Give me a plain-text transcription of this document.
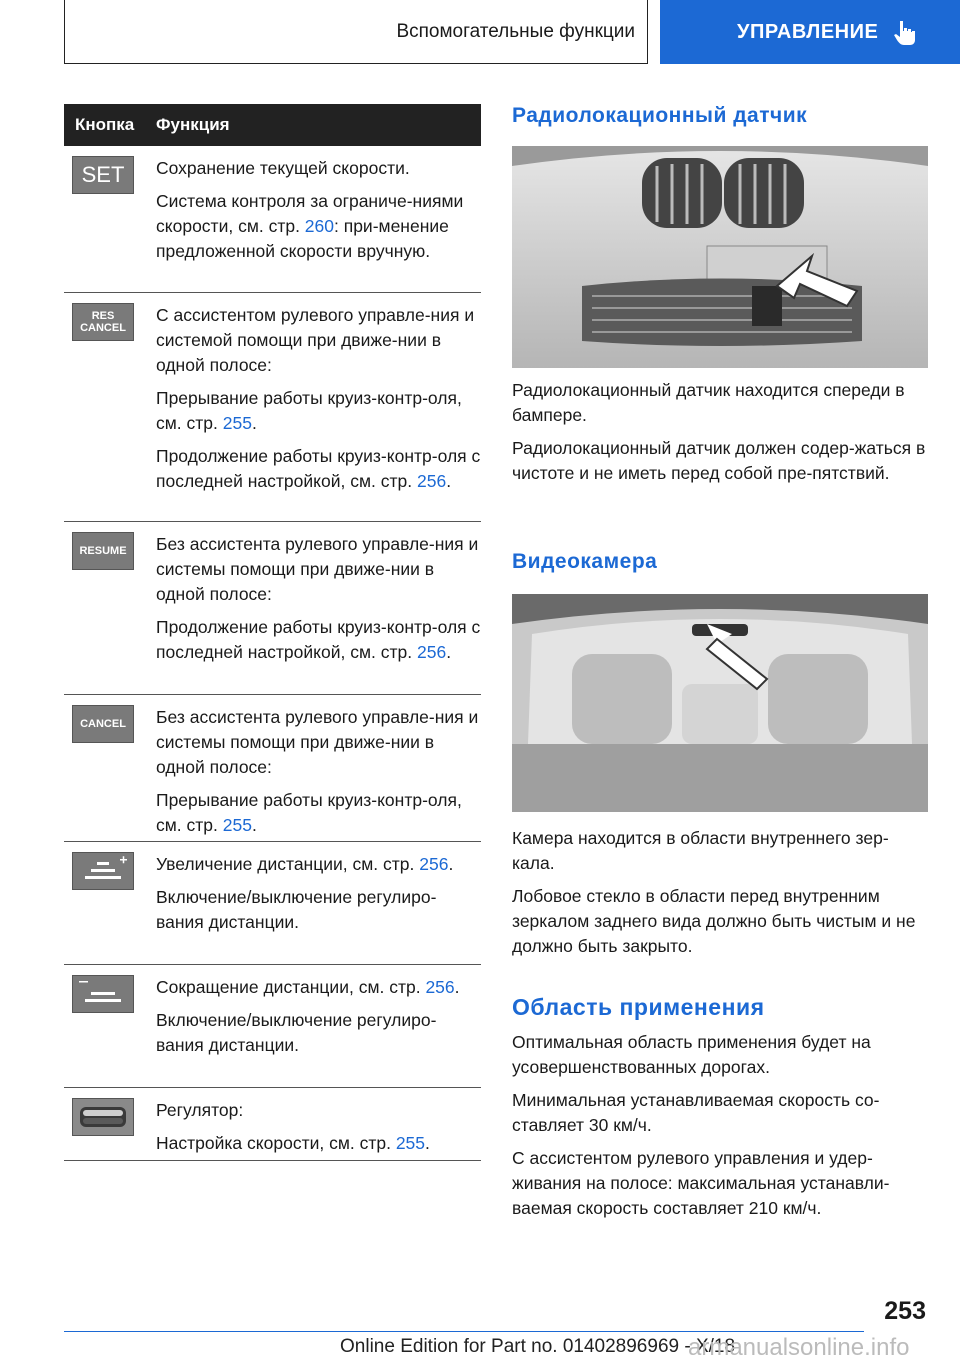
Вспомогательные функции	УПРАВЛЕНИЕ
Кнопка	Функция
SET Сохранение текущей скорости.

Система контроля за ограниче-ниями скорости, см. стр. 260: при-менение предложенной скорости вручную.

RES
CANCEL

С ассистентом рулевого управле-ния и системой помощи при движе-нии в одной полосе:

Прерывание работы круиз-контр-оля, см. стр. 255.

Продолжение работы круиз-контр-оля с последней настройкой, см. стр. 256.

RESUME Без ассистента рулевого управле-ния и системы помощи при движе-нии в одной полосе:

Продолжение работы круиз-контр-оля с последней настройкой, см. стр. 256.

CANCEL Без ассистента рулевого управле-ния и системы помощи при движе-нии в одной полосе:

Прерывание работы круиз-контр-оля, см. стр. 255.

Увеличение дистанции, см. стр. 256.

Включение/выключение регулиро-вания дистанции.

Сокращение дистанции, см. стр. 256.

Включение/выключение регулиро-вания дистанции.

Регулятор:

Настройка скорости, см. стр. 255.

Радиолокационный датчик

Радиолокационный датчик находится спереди в бампере.

Радиолокационный датчик должен содер-жаться в чистоте и не иметь перед собой пре-пятствий.

Видеокамера

Камера находится в области внутреннего зер-кала.

Лобовое стекло в области перед внутренним зеркалом заднего вида должно быть чистым и не должно быть закрыто.

Область применения

Оптимальная область применения будет на усовершенствованных дорогах.

Минимальная устанавливаемая скорость со-ставляет 30 км/ч.

С ассистентом рулевого управления и удер-живания на полосе: максимальная устанавли-ваемая скорость составляет 210 км/ч.

253
Online Edition for Part no. 01402896969 - X/18
armanualsonline.info
